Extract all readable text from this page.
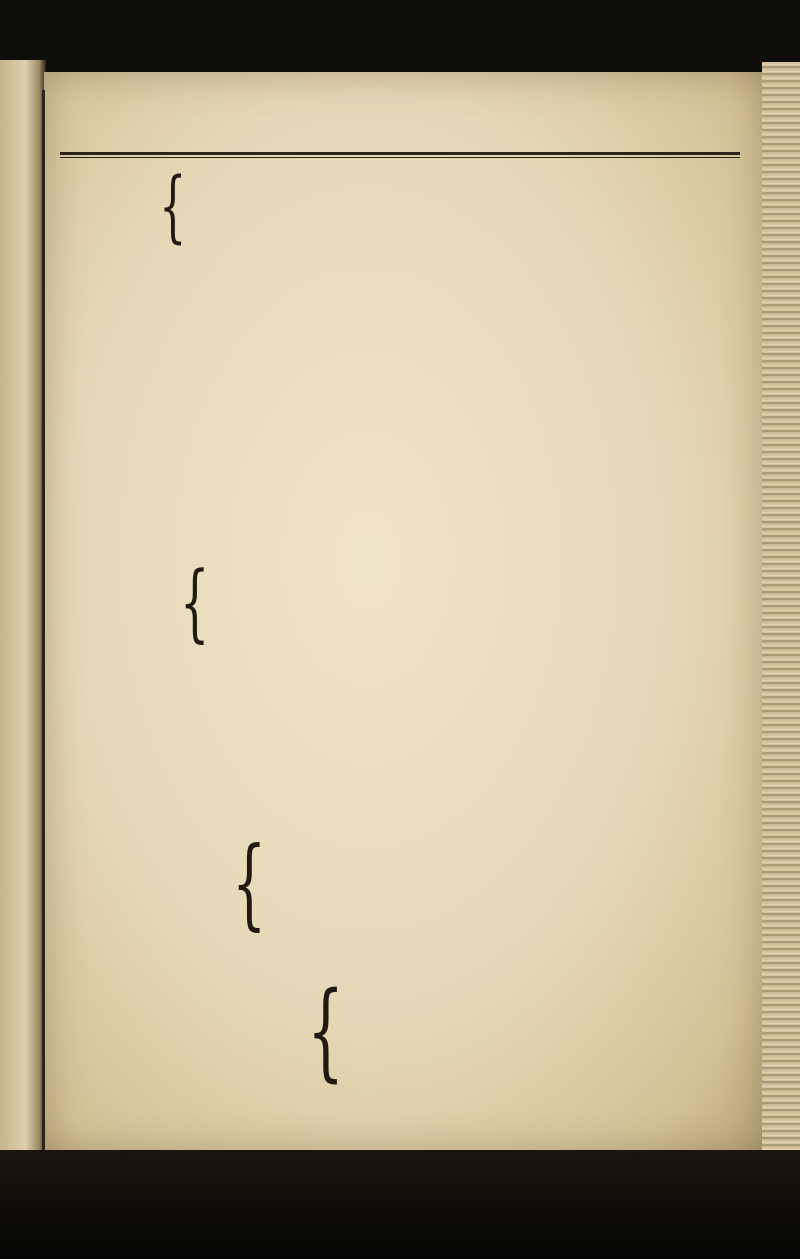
{
{
{
{
